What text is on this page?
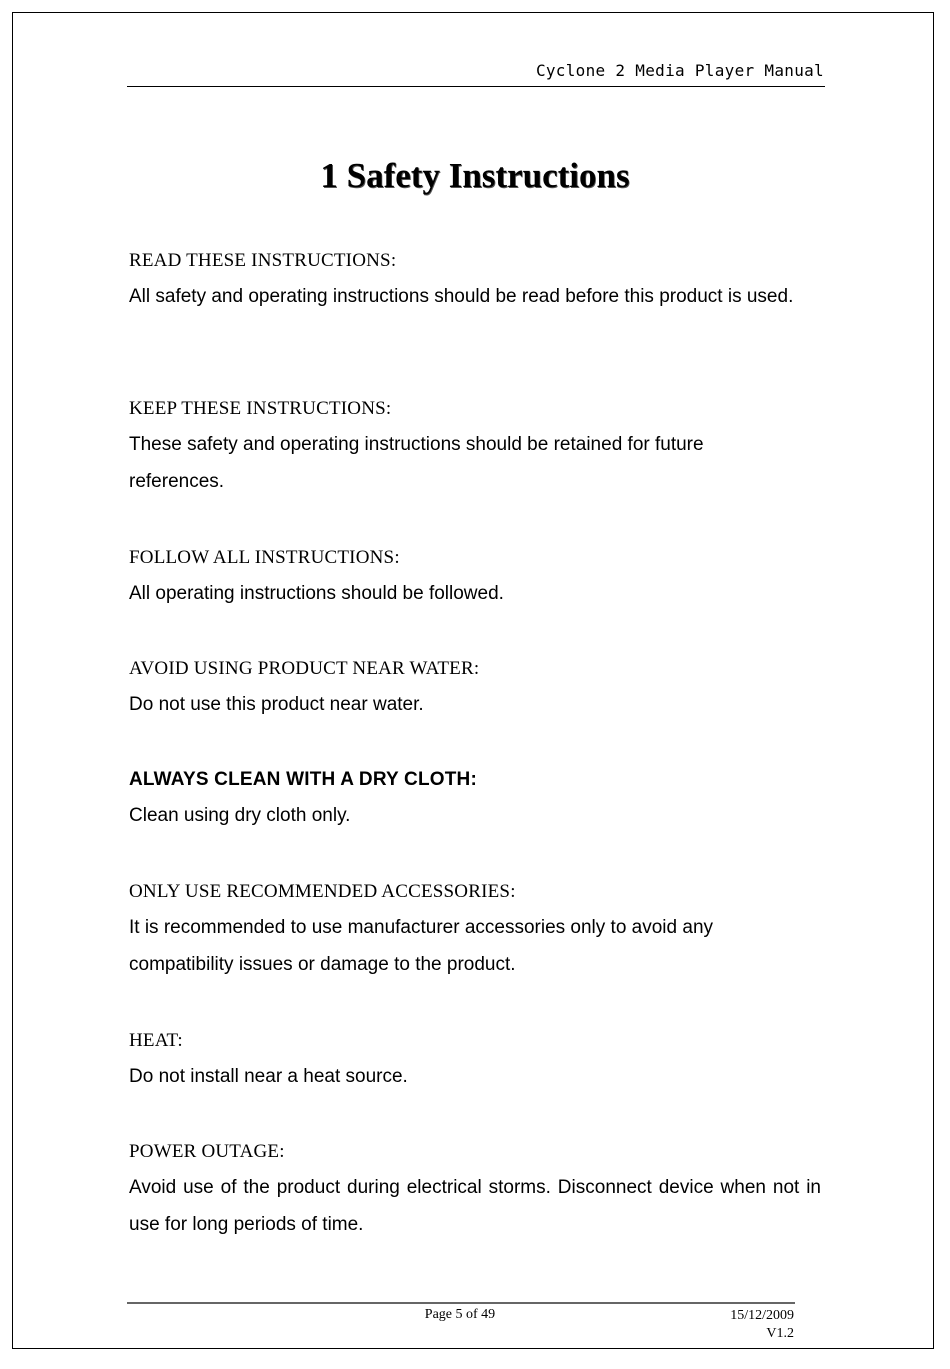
Cyclone 2 Media Player Manual
1 Safety Instructions
READ THESE INSTRUCTIONS:
All safety and operating instructions should be read before this product is used.
KEEP THESE INSTRUCTIONS:
These safety and operating instructions should be retained for future references.
FOLLOW ALL INSTRUCTIONS:
All operating instructions should be followed.
AVOID USING PRODUCT NEAR WATER:
Do not use this product near water.
ALWAYS CLEAN WITH A DRY CLOTH:
Clean using dry cloth only.
ONLY USE RECOMMENDED ACCESSORIES:
It is recommended to use manufacturer accessories only to avoid any compatibility issues or damage to the product.
HEAT:
Do not install near a heat source.
POWER OUTAGE:
Avoid use of the product during electrical storms. Disconnect device when not in use for long periods of time.
Page 5 of 49	15/12/2009
V1.2
